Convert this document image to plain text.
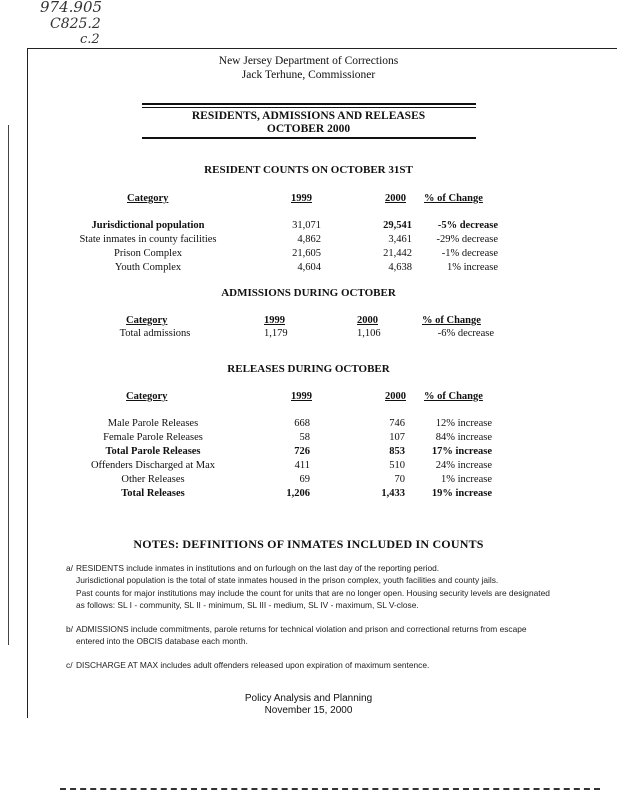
974.905
C825.2
c.2
New Jersey Department of Corrections
Jack Terhune, Commissioner
RESIDENTS, ADMISSIONS AND RELEASES
OCTOBER 2000
RESIDENT COUNTS ON OCTOBER 31ST
Category	1999	2000 % of Change
Jurisdictional population	31,071	29,541	-5% decrease
State inmates in county facilities	4,862	3,461	-29% decrease
Prison Complex	21,605	21,442	-1% decrease
Youth Complex	4,604	4,638	1% increase
ADMISSIONS DURING OCTOBER
Category	1999	2000	% of Change
Total admissions	1,179	1,106	-6% decrease
RELEASES DURING OCTOBER
Category	1999	2000 % of Change
Male Parole Releases	668	746	12% increase
Female Parole Releases	58	107	84% increase
Total Parole Releases	726	853	17% increase
Offenders Discharged at Max	411	510	24% increase
Other Releases	69	70	1% increase
Total Releases	1,206	1,433	19% increase
NOTES: DEFINITIONS OF INMATES INCLUDED IN COUNTS
a/ RESIDENTS include inmates in institutions and on furlough on the last day of the reporting period.
Jurisdictional population is the total of state inmates housed in the prison complex, youth facilities and county jails.
Past counts for major institutions may include the count for units that are no longer open. Housing security levels are designated
as follows: SL I - community, SL II - minimum, SL III - medium, SL IV - maximum, SL V-close.
b/ ADMISSIONS include commitments, parole returns for technical violation and prison and correctional returns from escape
entered into the OBCIS database each month.
c/ DISCHARGE AT MAX includes adult offenders released upon expiration of maximum sentence.
Policy Analysis and Planning
November 15, 2000
